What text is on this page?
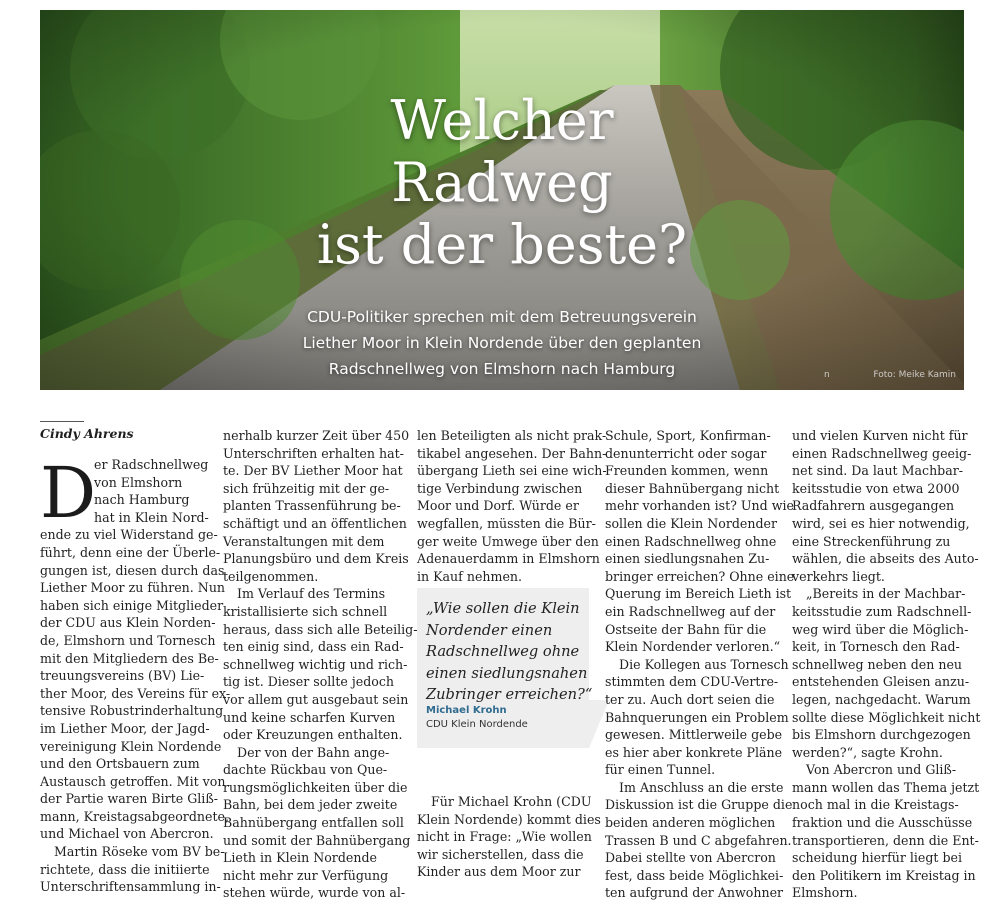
Welcher
Radweg
ist der beste?
CDU-Politiker sprechen mit dem Betreuungsverein
Liether Moor in Klein Nordende über den geplanten
Radschnellweg von Elmshorn nach Hamburg	n	Foto: Meike Kamin
Cindy Ahrens
D
er Radschnellweg
von Elmshorn
nach Hamburg
hat in Klein Nord-
ende zu viel Widerstand ge-
führt, denn eine der Überle-
gungen ist, diesen durch das
Liether Moor zu führen. Nun
haben sich einige Mitglieder
der CDU aus Klein Norden-
de, Elmshorn und Tornesch
mit den Mitgliedern des Be-
treuungsvereins (BV) Lie-
ther Moor, des Vereins für ex-
tensive Robustrinderhaltung
im Liether Moor, der Jagd-
vereinigung Klein Nordende
und den Ortsbauern zum
Austausch getroffen. Mit von
der Partie waren Birte Gliß-
mann, Kreistagsabgeordnete,
und Michael von Abercron.
Martin Röseke vom BV be-
richtete, dass die initiierte
Unterschriftensammlung in-
nerhalb kurzer Zeit über 450
Unterschriften erhalten hat-
te. Der BV Liether Moor hat
sich frühzeitig mit der ge-
planten Trassenführung be-
schäftigt und an öffentlichen
Veranstaltungen mit dem
Planungsbüro und dem Kreis
teilgenommen.
Im Verlauf des Termins
kristallisierte sich schnell
heraus, dass sich alle Beteilig-
ten einig sind, dass ein Rad-
schnellweg wichtig und rich-
tig ist. Dieser sollte jedoch
vor allem gut ausgebaut sein
und keine scharfen Kurven
oder Kreuzungen enthalten.
Der von der Bahn ange-
dachte Rückbau von Que-
rungsmöglichkeiten über die
Bahn, bei dem jeder zweite
Bahnübergang entfallen soll
und somit der Bahnübergang
Lieth in Klein Nordende
nicht mehr zur Verfügung
stehen würde, wurde von al-
len Beteiligten als nicht prak-
tikabel angesehen. Der Bahn-
übergang Lieth sei eine wich-
tige Verbindung zwischen
Moor und Dorf. Würde er
wegfallen, müssten die Bür-
ger weite Umwege über den
Adenauerdamm in Elmshorn
in Kauf nehmen.
„Wie sollen die Klein
Nordender einen
Radschnellweg ohne
einen siedlungsnahen
Zubringer erreichen?“
Michael Krohn
CDU Klein Nordende
Für Michael Krohn (CDU
Klein Nordende) kommt dies
nicht in Frage: „Wie wollen
wir sicherstellen, dass die
Kinder aus dem Moor zur
Schule, Sport, Konfirman-
denunterricht oder sogar
Freunden kommen, wenn
dieser Bahnübergang nicht
mehr vorhanden ist? Und wie
sollen die Klein Nordender
einen Radschnellweg ohne
einen siedlungsnahen Zu-
bringer erreichen? Ohne eine
Querung im Bereich Lieth ist
ein Radschnellweg auf der
Ostseite der Bahn für die
Klein Nordender verloren.“
Die Kollegen aus Tornesch
stimmten dem CDU-Vertre-
ter zu. Auch dort seien die
Bahnquerungen ein Problem
gewesen. Mittlerweile gebe
es hier aber konkrete Pläne
für einen Tunnel.
Im Anschluss an die erste
Diskussion ist die Gruppe die
beiden anderen möglichen
Trassen B und C abgefahren.
Dabei stellte von Abercron
fest, dass beide Möglichkei-
ten aufgrund der Anwohner
und vielen Kurven nicht für
einen Radschnellweg geeig-
net sind. Da laut Machbar-
keitsstudie von etwa 2000
Radfahrern ausgegangen
wird, sei es hier notwendig,
eine Streckenführung zu
wählen, die abseits des Auto-
verkehrs liegt.
„Bereits in der Machbar-
keitsstudie zum Radschnell-
weg wird über die Möglich-
keit, in Tornesch den Rad-
schnellweg neben den neu
entstehenden Gleisen anzu-
legen, nachgedacht. Warum
sollte diese Möglichkeit nicht
bis Elmshorn durchgezogen
werden?“, sagte Krohn.
Von Abercron und Gliß-
mann wollen das Thema jetzt
noch mal in die Kreistags-
fraktion und die Ausschüsse
transportieren, denn die Ent-
scheidung hierfür liegt bei
den Politikern im Kreistag in
Elmshorn.
